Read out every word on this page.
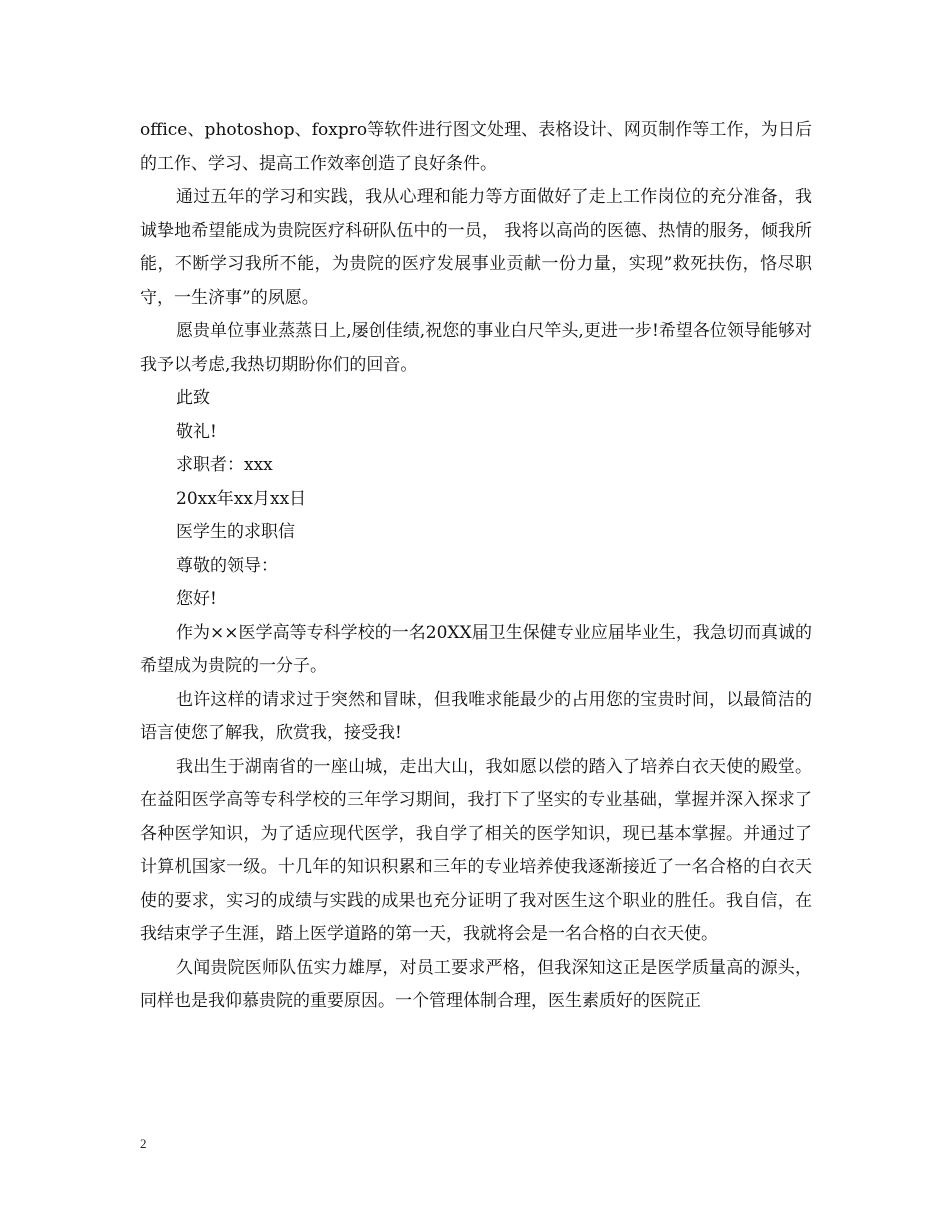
office、photoshop、foxpro等软件进行图文处理、表格设计、网页制作等工作，为日后的工作、学习、提高工作效率创造了良好条件。

通过五年的学习和实践，我从心理和能力等方面做好了走上工作岗位的充分准备，我诚挚地希望能成为贵院医疗科研队伍中的一员， 我将以高尚的医德、热情的服务，倾我所能，不断学习我所不能，为贵院的医疗发展事业贡献一份力量，实现”救死扶伤，恪尽职守，一生济事”的夙愿。

愿贵单位事业蒸蒸日上,屡创佳绩,祝您的事业白尺竿头,更进一步!希望各位领导能够对我予以考虑,我热切期盼你们的回音。

此致

敬礼!

求职者：xxx

20xx年xx月xx日

医学生的求职信

尊敬的领导：

您好!

作为××医学高等专科学校的一名20XX届卫生保健专业应届毕业生，我急切而真诚的希望成为贵院的一分子。

也许这样的请求过于突然和冒昧，但我唯求能最少的占用您的宝贵时间，以最简洁的语言使您了解我，欣赏我，接受我!

我出生于湖南省的一座山城，走出大山，我如愿以偿的踏入了培养白衣天使的殿堂。在益阳医学高等专科学校的三年学习期间，我打下了坚实的专业基础，掌握并深入探求了各种医学知识，为了适应现代医学，我自学了相关的医学知识，现已基本掌握。并通过了计算机国家一级。十几年的知识积累和三年的专业培养使我逐渐接近了一名合格的白衣天使的要求，实习的成绩与实践的成果也充分证明了我对医生这个职业的胜任。我自信，在我结束学子生涯，踏上医学道路的第一天，我就将会是一名合格的白衣天使。

久闻贵院医师队伍实力雄厚，对员工要求严格，但我深知这正是医学质量高的源头，同样也是我仰慕贵院的重要原因。一个管理体制合理，医生素质好的医院正

2
